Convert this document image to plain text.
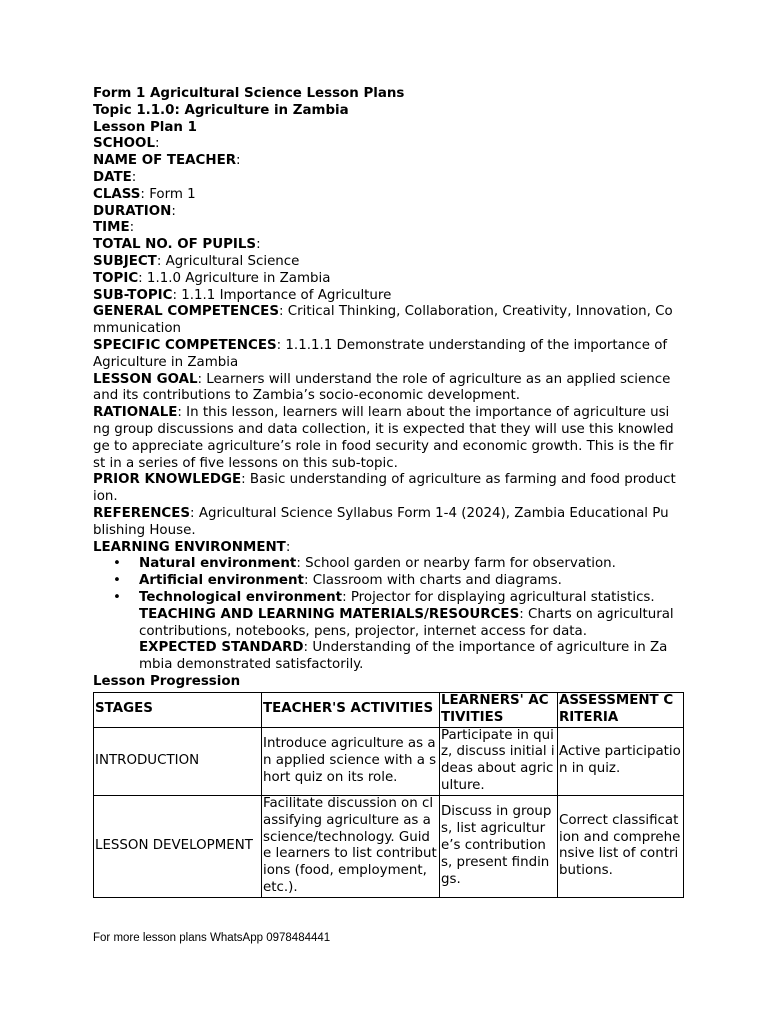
Form 1 Agricultural Science Lesson Plans

Topic 1.1.0: Agriculture in Zambia

Lesson Plan 1

SCHOOL:

NAME OF TEACHER:

DATE:

CLASS: Form 1

DURATION:

TIME:

TOTAL NO. OF PUPILS:

SUBJECT: Agricultural Science

TOPIC: 1.1.0 Agriculture in Zambia

SUB-TOPIC: 1.1.1 Importance of Agriculture

GENERAL COMPETENCES: Critical Thinking, Collaboration, Creativity, Innovation, Communication

SPECIFIC COMPETENCES: 1.1.1.1 Demonstrate understanding of the importance of Agriculture in Zambia

LESSON GOAL: Learners will understand the role of agriculture as an applied science and its contributions to Zambia’s socio-economic development.

RATIONALE: In this lesson, learners will learn about the importance of agriculture using group discussions and data collection, it is expected that they will use this knowledge to appreciate agriculture’s role in food security and economic growth. This is the first in a series of five lessons on this sub-topic.

PRIOR KNOWLEDGE: Basic understanding of agriculture as farming and food production.

REFERENCES: Agricultural Science Syllabus Form 1-4 (2024), Zambia Educational Publishing House.

LEARNING ENVIRONMENT:

• Natural environment: School garden or nearby farm for observation.
• Artificial environment: Classroom with charts and diagrams.
• Technological environment: Projector for displaying agricultural statistics.
TEACHING AND LEARNING MATERIALS/RESOURCES: Charts on agricultural contributions, notebooks, pens, projector, internet access for data.
EXPECTED STANDARD: Understanding of the importance of agriculture in Zambia demonstrated satisfactorily.

Lesson Progression

STAGES	TEACHER'S ACTIVITIES	LEARNERS' ACTIVITIES	ASSESSMENT CRITERIA
INTRODUCTION	Introduce agriculture as an applied science with a short quiz on its role.	Participate in quiz, discuss initial ideas about agriculture.	Active participation in quiz.
LESSON DEVELOPMENT	Facilitate discussion on classifying agriculture as a science/technology. Guide learners to list contributions (food, employment, etc.).	Discuss in groups, list agriculture’s contributions, present findings.	Correct classification and comprehensive list of contributions.
For more lesson plans WhatsApp 0978484441
